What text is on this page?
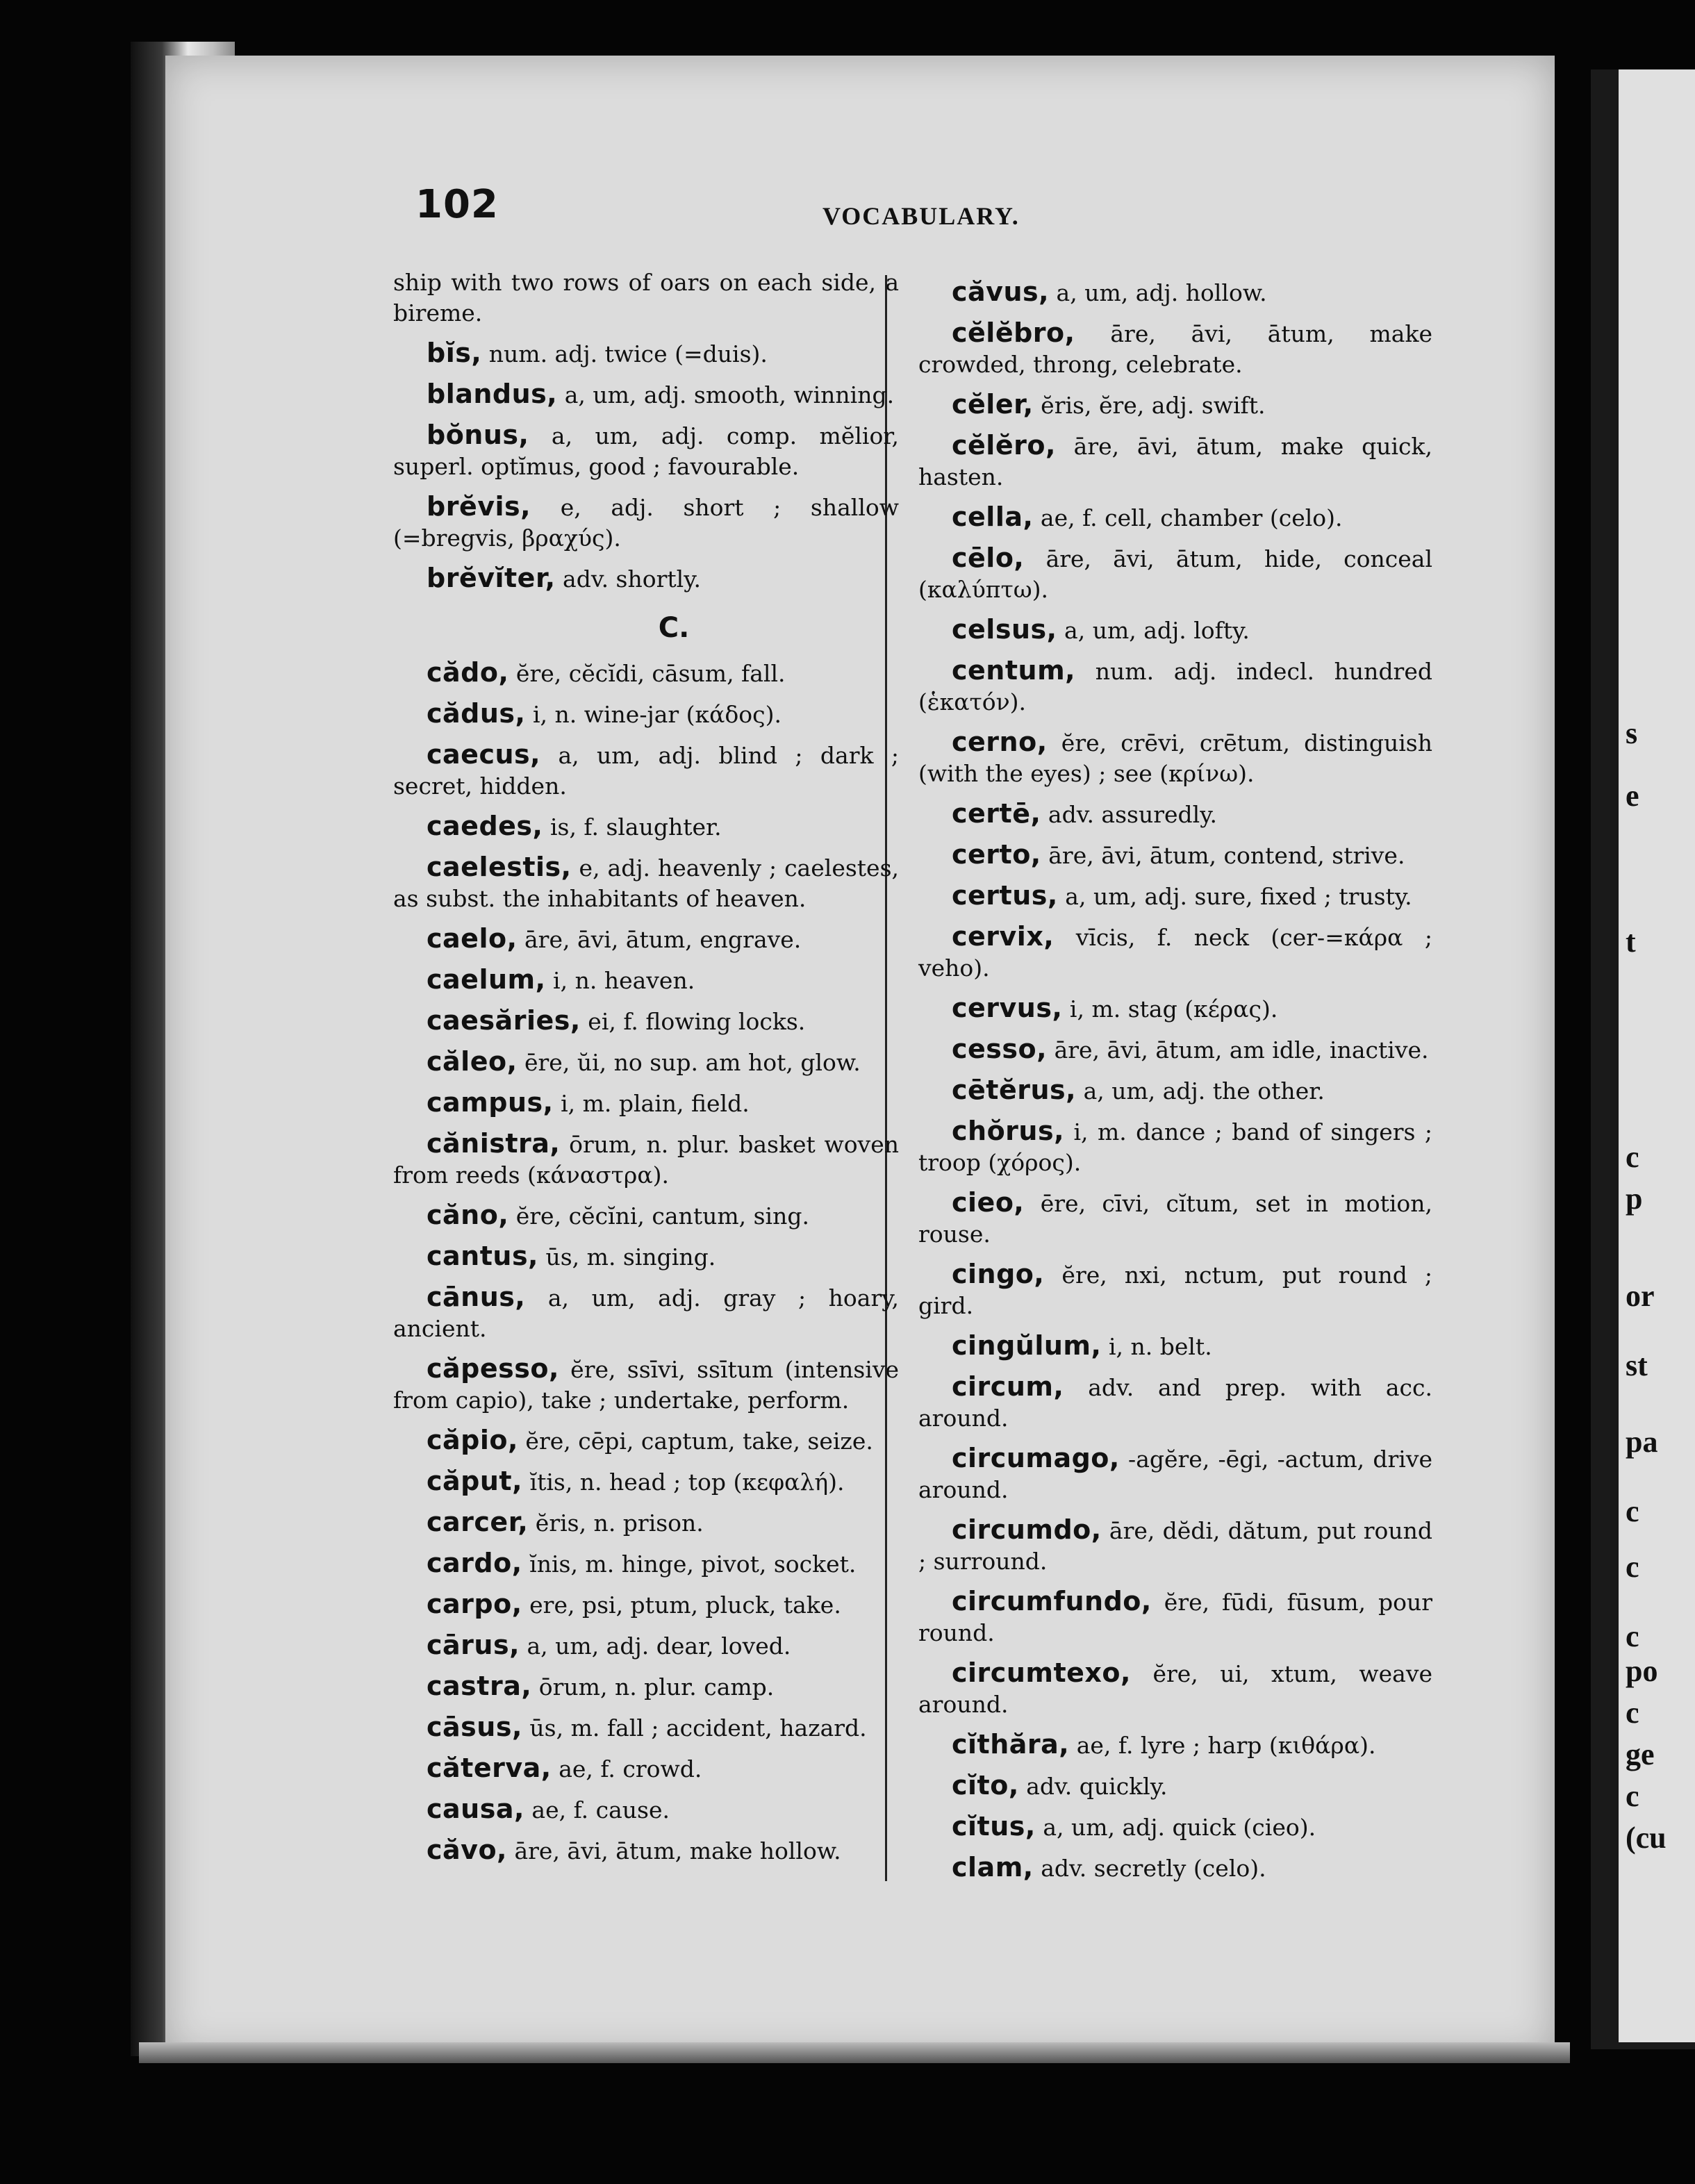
s
e
t
c
p
or
st
pa
c
c
c
po
c
ge
c
(cu
102	VOCABULARY.
ship with two rows of oars on each side, a bireme.
bĭs, num. adj. twice (=duis).
blandus, a, um, adj. smooth, winning.
bŏnus, a, um, adj. comp. mĕlior, superl. optĭmus, good ; favourable.
brĕvis, e, adj. short ; shallow (=bregvis, βραχύς).
brĕvĭter, adv. shortly.
C.
cădo, ĕre, cĕcĭdi, cāsum, fall.
cădus, i, n. wine-jar (κάδος).
caecus, a, um, adj. blind ; dark ; secret, hidden.
caedes, is, f. slaughter.
caelestis, e, adj. heavenly ; caelestes, as subst. the inhabitants of heaven.
caelo, āre, āvi, ātum, engrave.
caelum, i, n. heaven.
caesăries, ei, f. flowing locks.
căleo, ēre, ŭi, no sup. am hot, glow.
campus, i, m. plain, field.
cănistra, ōrum, n. plur. basket woven from reeds (κάναστρα).
căno, ĕre, cĕcĭni, cantum, sing.
cantus, ūs, m. singing.
cānus, a, um, adj. gray ; hoary, ancient.
căpesso, ĕre, ssīvi, ssītum (intensive from capio), take ; undertake, perform.
căpio, ĕre, cēpi, captum, take, seize.
căput, ĭtis, n. head ; top (κεφαλή).
carcer, ĕris, n. prison.
cardo, ĭnis, m. hinge, pivot, socket.
carpo, ere, psi, ptum, pluck, take.
cārus, a, um, adj. dear, loved.
castra, ōrum, n. plur. camp.
cāsus, ūs, m. fall ; accident, hazard.
căterva, ae, f. crowd.
causa, ae, f. cause.
căvo, āre, āvi, ātum, make hollow.
căvus, a, um, adj. hollow.
cĕlĕbro, āre, āvi, ātum, make crowded, throng, celebrate.
cĕler, ĕris, ĕre, adj. swift.
cĕlĕro, āre, āvi, ātum, make quick, hasten.
cella, ae, f. cell, chamber (celo).
cēlo, āre, āvi, ātum, hide, conceal (καλύπτω).
celsus, a, um, adj. lofty.
centum, num. adj. indecl. hundred (ἑκατόν).
cerno, ĕre, crēvi, crētum, distinguish (with the eyes) ; see (κρίνω).
certē, adv. assuredly.
certo, āre, āvi, ātum, contend, strive.
certus, a, um, adj. sure, fixed ; trusty.
cervix, vīcis, f. neck (cer-=κάρα ; veho).
cervus, i, m. stag (κέρας).
cesso, āre, āvi, ātum, am idle, inactive.
cētĕrus, a, um, adj. the other.
chŏrus, i, m. dance ; band of singers ; troop (χόρος).
cieo, ēre, cīvi, cĭtum, set in motion, rouse.
cingo, ĕre, nxi, nctum, put round ; gird.
cingŭlum, i, n. belt.
circum, adv. and prep. with acc. around.
circumago, -agĕre, -ēgi, -actum, drive around.
circumdo, āre, dĕdi, dătum, put round ; surround.
circumfundo, ĕre, fūdi, fūsum, pour round.
circumtexo, ĕre, ui, xtum, weave around.
cĭthăra, ae, f. lyre ; harp (κιθάρα).
cĭto, adv. quickly.
cĭtus, a, um, adj. quick (cieo).
clam, adv. secretly (celo).
